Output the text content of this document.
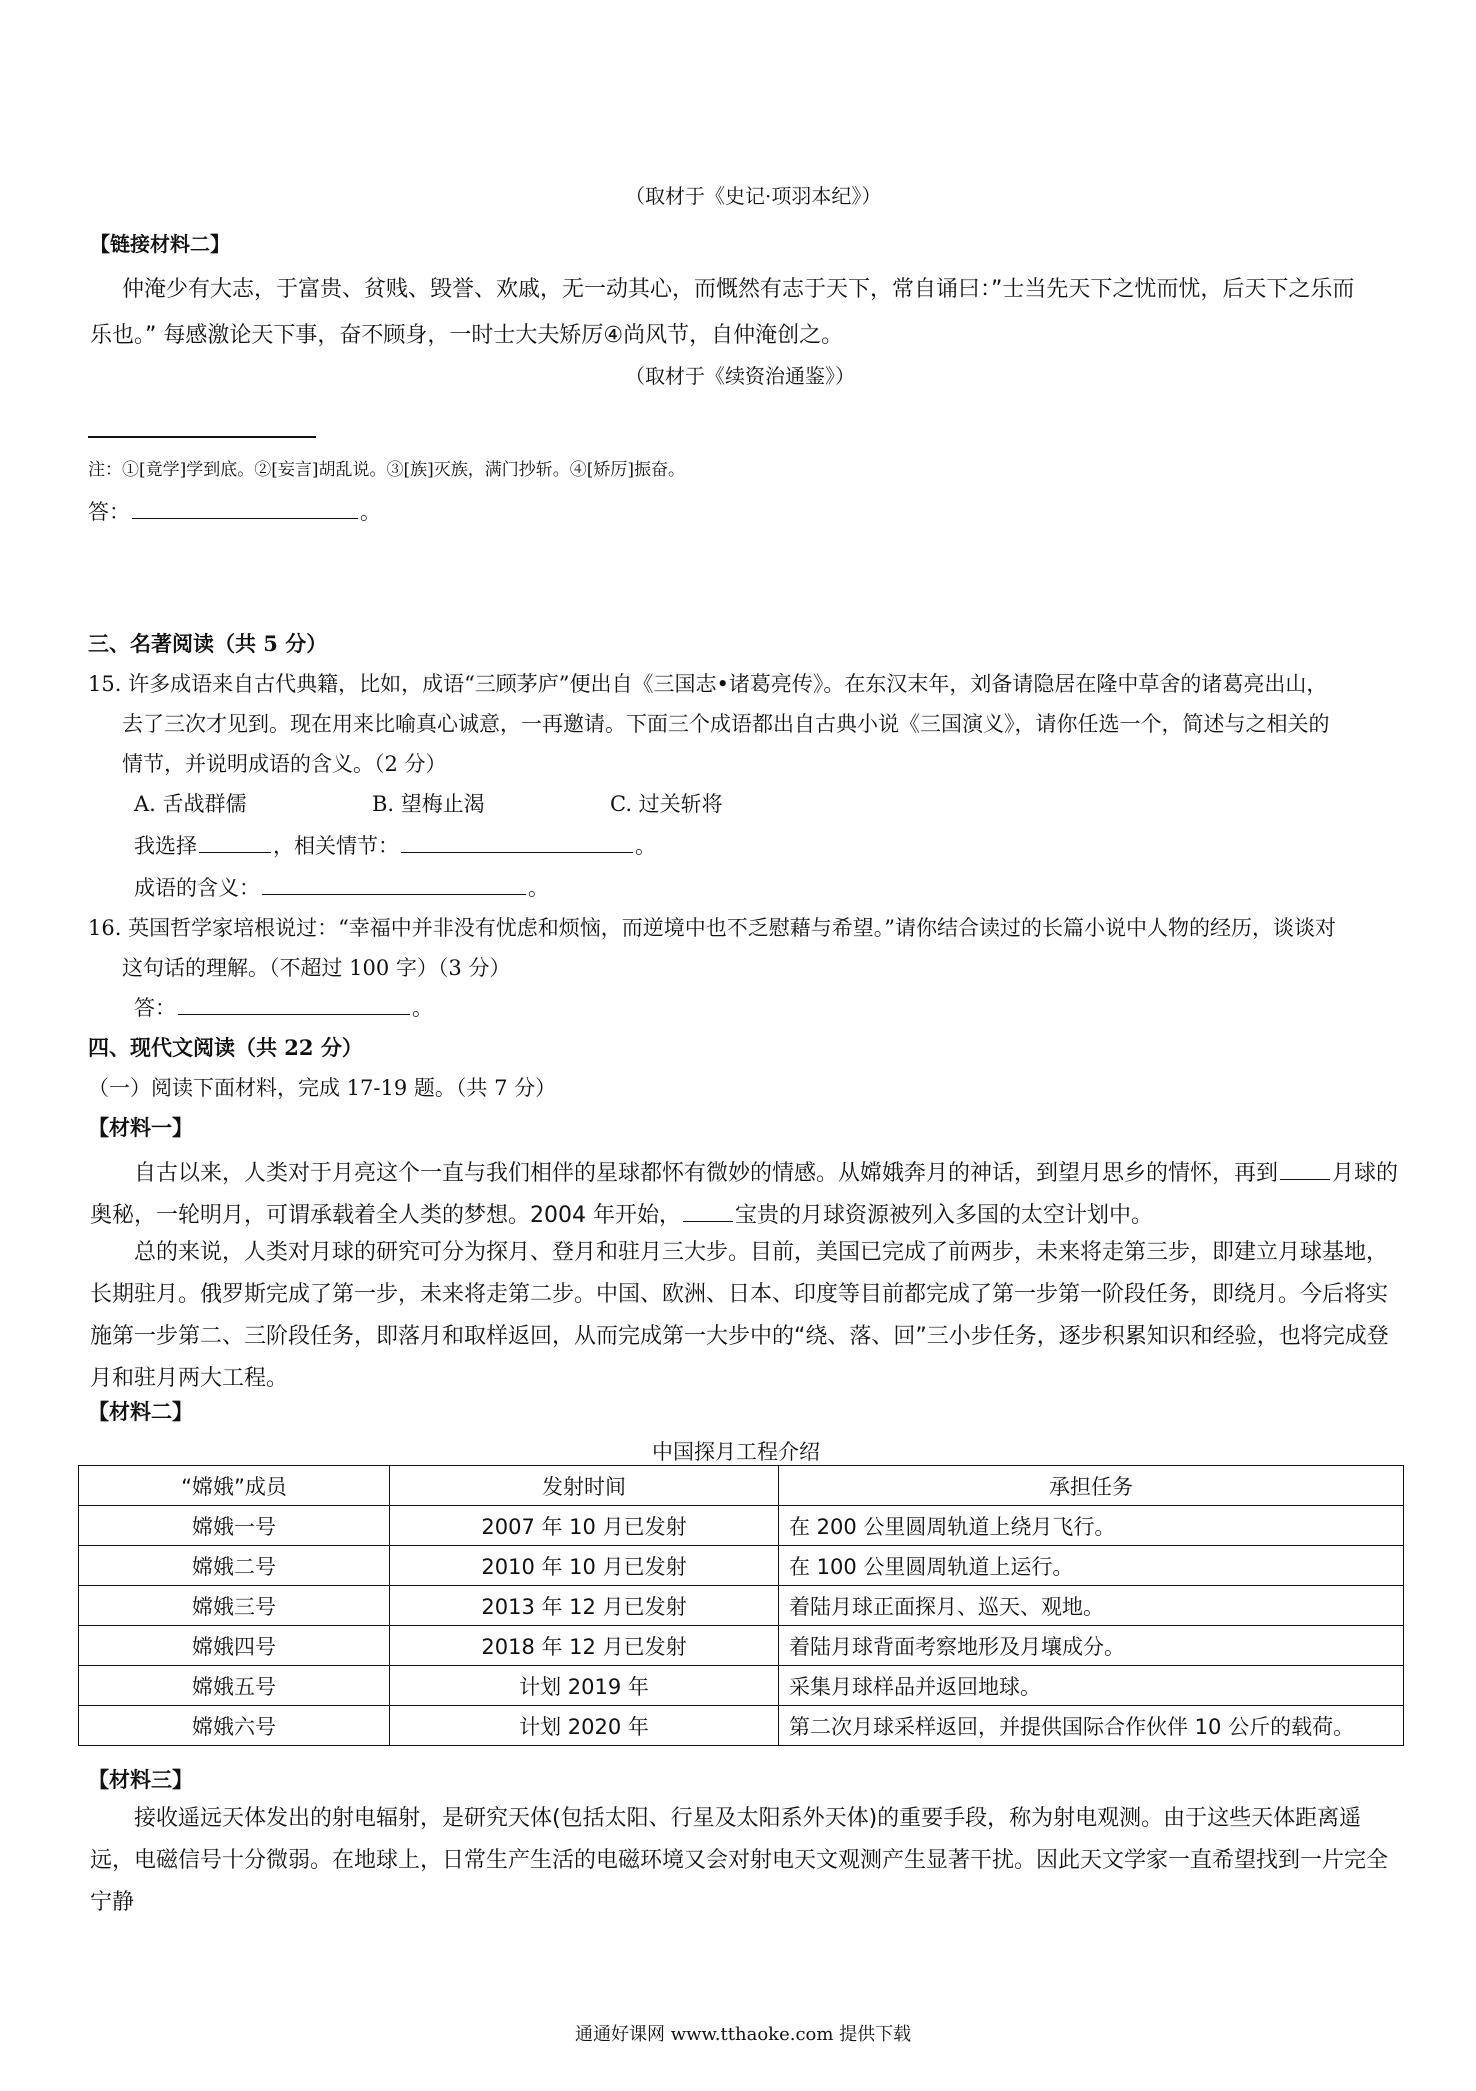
（取材于《史记·项羽本纪》）
【链接材料二】
仲淹少有大志，于富贵、贫贱、毁誉、欢戚，无一动其心，而慨然有志于天下，常自诵曰：”士当先天下之忧而忧，后天下之乐而
乐也。” 每感激论天下事，奋不顾身，一时士大夫矫厉④尚风节，自仲淹创之。
（取材于《续资治通鉴》）
注：①[竟学]学到底。②[妄言]胡乱说。③[族]灭族，满门抄斩。④[矫厉]振奋。
答：	。
三、名著阅读（共 5 分）
15. 许多成语来自古代典籍，比如，成语“三顾茅庐”便出自《三国志•诸葛亮传》。在东汉末年，刘备请隐居在隆中草舍的诸葛亮出山，
去了三次才见到。现在用来比喻真心诚意，一再邀请。下面三个成语都出自古典小说《三国演义》，请你任选一个，简述与之相关的
情节，并说明成语的含义。（2 分）
A. 舌战群儒	B. 望梅止渴	C. 过关斩将
我选择	，相关情节：	。
成语的含义：	。
16. 英国哲学家培根说过：“幸福中并非没有忧虑和烦恼，而逆境中也不乏慰藉与希望。”请你结合读过的长篇小说中人物的经历，谈谈对
这句话的理解。（不超过 100 字）（3 分）
答：	。
四、现代文阅读（共 22 分）
（一）阅读下面材料，完成 17-19 题。（共 7 分）
【材料一】
自古以来，人类对于月亮这个一直与我们相伴的星球都怀有微妙的情感。从嫦娥奔月的神话，到望月思乡的情怀，再到 月球的
奥秘，一轮明月，可谓承载着全人类的梦想。2004 年开始， 宝贵的月球资源被列入多国的太空计划中。
总的来说，人类对月球的研究可分为探月、登月和驻月三大步。目前，美国已完成了前两步，未来将走第三步，即建立月球基地，长期驻月。俄罗斯完成了第一步，未来将走第二步。中国、欧洲、日本、印度等目前都完成了第一步第一阶段任务，即绕月。今后将实施第一步第二、三阶段任务，即落月和取样返回，从而完成第一大步中的“绕、落、回”三小步任务，逐步积累知识和经验，也将完成登月和驻月两大工程。
【材料二】
中国探月工程介绍
“嫦娥”成员	发射时间	承担任务
嫦娥一号	2007 年 10 月已发射	在 200 公里圆周轨道上绕月飞行。
嫦娥二号	2010 年 10 月已发射	在 100 公里圆周轨道上运行。
嫦娥三号	2013 年 12 月已发射	着陆月球正面探月、巡天、观地。
嫦娥四号	2018 年 12 月已发射	着陆月球背面考察地形及月壤成分。
嫦娥五号	计划 2019 年	采集月球样品并返回地球。
嫦娥六号	计划 2020 年	第二次月球采样返回，并提供国际合作伙伴 10 公斤的载荷。
【材料三】
接收遥远天体发出的射电辐射，是研究天体(包括太阳、行星及太阳系外天体)的重要手段，称为射电观测。由于这些天体距离遥远，电磁信号十分微弱。在地球上，日常生产生活的电磁环境又会对射电天文观测产生显著干扰。因此天文学家一直希望找到一片完全宁静
通通好课网 www.tthaoke.com 提供下载
